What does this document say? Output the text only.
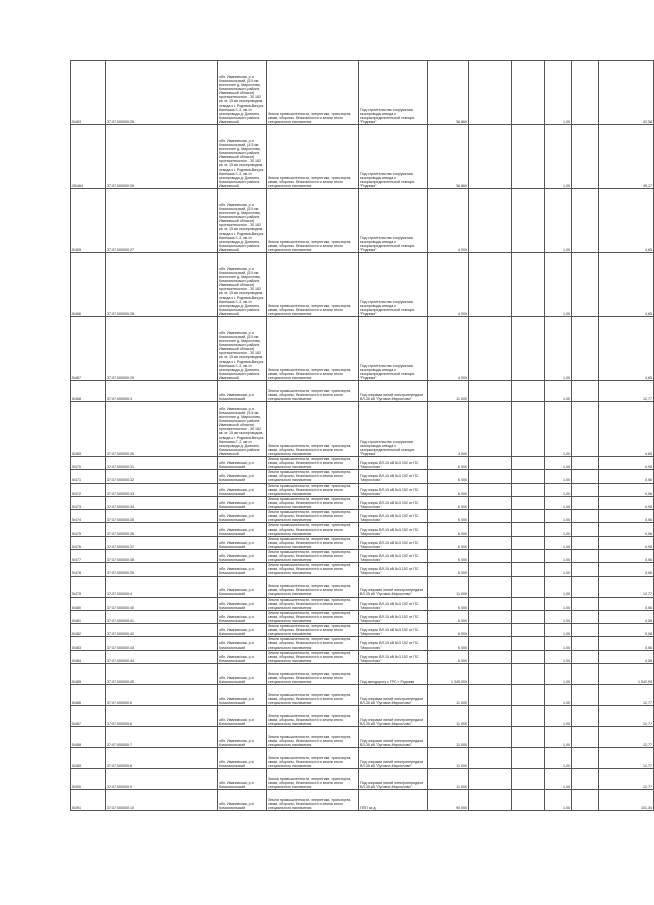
5/463	37:07:000000:26	обл. Ивановская, р-н Комсомольский, (5.5 км восточнее д. Мирослово, Комсомольского района Ивановской области) протяженностью - 30 182 кв. м; 15 км газопроводом-отвода к г. Родники-Вичуга-Кинешма-Г.-2, км от газопровода д. Доннино, Комсомольского района Ивановской	Земли промышленности, энергетики, транспорта, связи, обороны, безопасности и земли иного специального назначения	Под строительство сооружения газопровода-отвода к газораспределительной станции "Родники"	36 860			1,00		42,58
26/464	37:07:000000:39	обл. Ивановская, р-н Комсомольский, (4.5 км восточнее д. Мирослово, Комсомольского района Ивановской области) протяженностью - 30 182 кв. м; 15 км газопроводом-отвода к г. Родники-Вичуга-Кинешма-Г.-2, км от газопровода д. Доннино, Комсомольского района Ивановской	Земли промышленности, энергетики, транспорта, связи, обороны, безопасности и земли иного специального назначения	Под строительство сооружения газопровода-отвода к газораспределительной станции "Родники"	36 860			1,00		49,17
5/465	37:07:000000:27	обл. Ивановская, р-н Комсомольский, (5.5 км восточнее д. Мирослово, Комсомольского района Ивановской области) протяженностью - 30 182 кв. м; 15 км газопроводом-отвода к г. Родники-Вичуга-Кинешма-Г.-2, км от газопровода д. Доннино, Комсомольского района Ивановской	Земли промышленности, энергетики, транспорта, связи, обороны, безопасности и земли иного специального назначения	Под строительство сооружения газопровода-отвода к газораспределительной станции "Родники"	4 000			1,00		4,65
5/466	37:07:000000:28	обл. Ивановская, р-н Комсомольский, (5.5 км восточнее д. Мирослово, Комсомольского района Ивановской области) протяженностью - 30 182 кв. м; 15 км газопроводом-отвода к г. Родники-Вичуга-Кинешма-Г.-2, км от газопровода д. Доннино, Комсомольского района Ивановской	Земли промышленности, энергетики, транспорта, связи, обороны, безопасности и земли иного специального назначения	Под строительство сооружения газопровода-отвода к газораспределительной станции "Родники"	4 000			1,00		4,65
5/467	37:07:000000:29	обл. Ивановская, р-н Комсомольский, (5.5 км восточнее д. Мирослово, Комсомольского района Ивановской области) протяженностью - 30 182 кв. м; 15 км газопроводом-отвода к г. Родники-Вичуга-Кинешма-Г.-2, км от газопровода д. Доннино, Комсомольского района Ивановской	Земли промышленности, энергетики, транспорта, связи, обороны, безопасности и земли иного специального назначения	Под строительство сооружения газопровода-отвода к газораспределительной станции "Родники"	4 000			1,00		4,65
5/468	37:07:000000:3	обл. Ивановская, р-н Комсомольский	Земли промышленности, энергетики, транспорта, связи, обороны, безопасности и земли иного специального назначения	Под опорами линий электропередачи ВЛ-35 кВ "Луговое-Мирослово"	11 000			1,00		12,77
5/469	37:07:000000:30	обл. Ивановская, р-н Комсомольский, (5.5 км восточнее д. Мирослово, Комсомольского района Ивановской области) протяженностью - 30 182 кв. м; 15 км газопроводом-отвода к г. Родники-Вичуга-Кинешма-Г.-2, км от газопровода д. Доннино, Комсомольского района Ивановской	Земли промышленности, энергетики, транспорта, связи, обороны, безопасности и земли иного специального назначения	Под строительство сооружения газопровода-отвода к газораспределительной станции "Родники"	4 000			1,00		4,65
5/470	37:07:000000:31	обл. Ивановская, р-н Комсомольский	Земли промышленности, энергетики, транспорта, связи, обороны, безопасности и земли иного специального назначения	Под опоры ВЛ-10 кВ №3 152 от ПС "Мирослово"	6 000			1,00		0,06
5/471	37:07:000000:32	обл. Ивановская, р-н Комсомольский	Земли промышленности, энергетики, транспорта, связи, обороны, безопасности и земли иного специального назначения	Под опоры ВЛ-10 кВ №3 152 от ПС "Мирослово"	6 000			1,00		0,06
5/472	37:07:000000:33	обл. Ивановская, р-н Комсомольский	Земли промышленности, энергетики, транспорта, связи, обороны, безопасности и земли иного специального назначения	Под опоры ВЛ-10 кВ №3 152 от ПС "Мирослово"	6 000			1,00		0,06
5/473	37:07:000000:34	обл. Ивановская, р-н Комсомольский	Земли промышленности, энергетики, транспорта, связи, обороны, безопасности и земли иного специального назначения	Под опоры ВЛ-10 кВ №3 152 от ПС "Мирослово"	6 000			1,00		0,06
5/474	37:07:000000:35	обл. Ивановская, р-н Комсомольский	Земли промышленности, энергетики, транспорта, связи, обороны, безопасности и земли иного специального назначения	Под опоры ВЛ-10 кВ №3 152 от ПС "Мирослово"	6 000			1,00		0,06
5/475	37:07:000000:36	обл. Ивановская, р-н Комсомольский	Земли промышленности, энергетики, транспорта, связи, обороны, безопасности и земли иного специального назначения	Под опоры ВЛ-10 кВ №3 152 от ПС "Мирослово"	6 000			1,00		0,06
5/476	37:07:000000:37	обл. Ивановская, р-н Комсомольский	Земли промышленности, энергетики, транспорта, связи, обороны, безопасности и земли иного специального назначения	Под опоры ВЛ-10 кВ №3 152 от ПС "Мирослово"	6 000			1,00		0,06
5/477	37:07:000000:38	обл. Ивановская, р-н Комсомольский	Земли промышленности, энергетики, транспорта, связи, обороны, безопасности и земли иного специального назначения	Под опоры ВЛ-10 кВ №3 152 от ПС "Мирослово"	6 000			1,00		0,06
5/478	37:07:000000:39	обл. Ивановская, р-н Комсомольский	Земли промышленности, энергетики, транспорта, связи, обороны, безопасности и земли иного специального назначения	Под опоры ВЛ-10 кВ №3 152 от ПС "Мирослово"	6 000			1,00		0,06
5/479	37:07:000000:4	обл. Ивановская, р-н Комсомольский	Земли промышленности, энергетики, транспорта, связи, обороны, безопасности и земли иного специального назначения	Под опорами линий электропередачи ВЛ-35 кВ "Луговое-Мирослово"	11 000			1,00		12,77
5/480	37:07:000000:40	обл. Ивановская, р-н Комсомольский	Земли промышленности, энергетики, транспорта, связи, обороны, безопасности и земли иного специального назначения	Под опоры ВЛ-10 кВ №3 152 от ПС "Мирослово"	6 000			1,00		0,06
5/481	37:07:000000:41	обл. Ивановская, р-н Комсомольский	Земли промышленности, энергетики, транспорта, связи, обороны, безопасности и земли иного специального назначения	Под опоры ВЛ-10 кВ №3 152 от ПС "Мирослово"	6 000			1,00		0,06
5/482	37:07:000000:42	обл. Ивановская, р-н Комсомольский	Земли промышленности, энергетики, транспорта, связи, обороны, безопасности и земли иного специального назначения	Под опоры ВЛ-10 кВ №3 152 от ПС "Мирослово"	6 000			1,00		0,06
5/483	37:07:000000:43	обл. Ивановская, р-н Комсомольский	Земли промышленности, энергетики, транспорта, связи, обороны, безопасности и земли иного специального назначения	Под опоры ВЛ-10 кВ №3 152 от ПС "Мирослово"	6 000			1,00		0,06
5/484	37:07:000000:44	обл. Ивановская, р-н Комсомольский	Земли промышленности, энергетики, транспорта, связи, обороны, безопасности и земли иного специального назначения	Под опоры ВЛ-10 кВ №3 152 от ПС "Мирослово"	6 000			1,00		0,06
5/485	37:07:000000:45	обл. Ивановская, р-н Комсомольский	Земли промышленности, энергетики, транспорта, связи, обороны, безопасности и земли иного специального назначения	Под автодорогу к ГРС г. Родники	1 349 000			1,00		1 542,00
5/486	37:07:000000:5	обл. Ивановская, р-н Комсомольский	Земли промышленности, энергетики, транспорта, связи, обороны, безопасности и земли иного специального назначения	Под опорами линий электропередачи ВЛ-35 кВ "Луговое-Мирослово"	11 000			1,00		12,77
5/487	37:07:000000:6	обл. Ивановская, р-н Комсомольский	Земли промышленности, энергетики, транспорта, связи, обороны, безопасности и земли иного специального назначения	Под опорами линий электропередачи ВЛ-35 кВ "Луговое-Мирослово"	11 000			1,00		12,77
5/488	37:07:000000:7	обл. Ивановская, р-н Комсомольский	Земли промышленности, энергетики, транспорта, связи, обороны, безопасности и земли иного специального назначения	Под опорами линий электропередачи ВЛ-35 кВ "Луговое-Мирослово"	11 000			1,00		12,77
5/489	37:07:000000:8	обл. Ивановская, р-н Комсомольский	Земли промышленности, энергетики, транспорта, связи, обороны, безопасности и земли иного специального назначения	Под опорами линий электропередачи ВЛ-35 кВ "Луговое-Мирослово"	11 000			1,00		12,77
5/490	37:07:000000:9	обл. Ивановская, р-н Комсомольский	Земли промышленности, энергетики, транспорта, связи, обороны, безопасности и земли иного специального назначения	Под опорами линий электропередачи ВЛ-35 кВ "Луговое-Мирослово"	11 000			1,00		12,77
5/491	37:07:000000:10	обл. Ивановская, р-н Комсомольский	Земли промышленности, энергетики, транспорта, связи, обороны, безопасности и земли иного специального назначения	ППП за д.	90 000			1,00		101,34
